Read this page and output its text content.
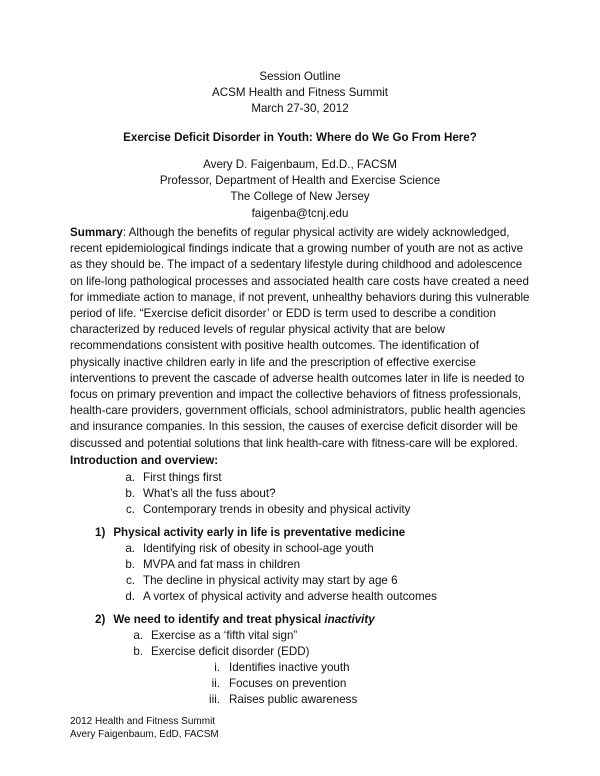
Session Outline
ACSM Health and Fitness Summit
March 27-30, 2012
Exercise Deficit Disorder in Youth: Where do We Go From Here?
Avery D. Faigenbaum, Ed.D., FACSM
Professor, Department of Health and Exercise Science
The College of New Jersey
faigenba@tcnj.edu
Summary: Although the benefits of regular physical activity are widely acknowledged, recent epidemiological findings indicate that a growing number of youth are not as active as they should be. The impact of a sedentary lifestyle during childhood and adolescence on life-long pathological processes and associated health care costs have created a need for immediate action to manage, if not prevent, unhealthy behaviors during this vulnerable period of life. “Exercise deficit disorder’ or EDD is term used to describe a condition characterized by reduced levels of regular physical activity that are below recommendations consistent with positive health outcomes. The identification of physically inactive children early in life and the prescription of effective exercise interventions to prevent the cascade of adverse health outcomes later in life is needed to focus on primary prevention and impact the collective behaviors of fitness professionals, health-care providers, government officials, school administrators, public health agencies and insurance companies. In this session, the causes of exercise deficit disorder will be discussed and potential solutions that link health-care with fitness-care will be explored.
Introduction and overview:
a. First things first
b. What’s all the fuss about?
c. Contemporary trends in obesity and physical activity
1) Physical activity early in life is preventative medicine
a. Identifying risk of obesity in school-age youth
b. MVPA and fat mass in children
c. The decline in physical activity may start by age 6
d. A vortex of physical activity and adverse health outcomes
2) We need to identify and treat physical inactivity
a. Exercise as a ‘fifth vital sign”
b. Exercise deficit disorder (EDD)
i. Identifies inactive youth
ii. Focuses on prevention
iii. Raises public awareness
2012 Health and Fitness Summit
Avery Faigenbaum, EdD, FACSM
